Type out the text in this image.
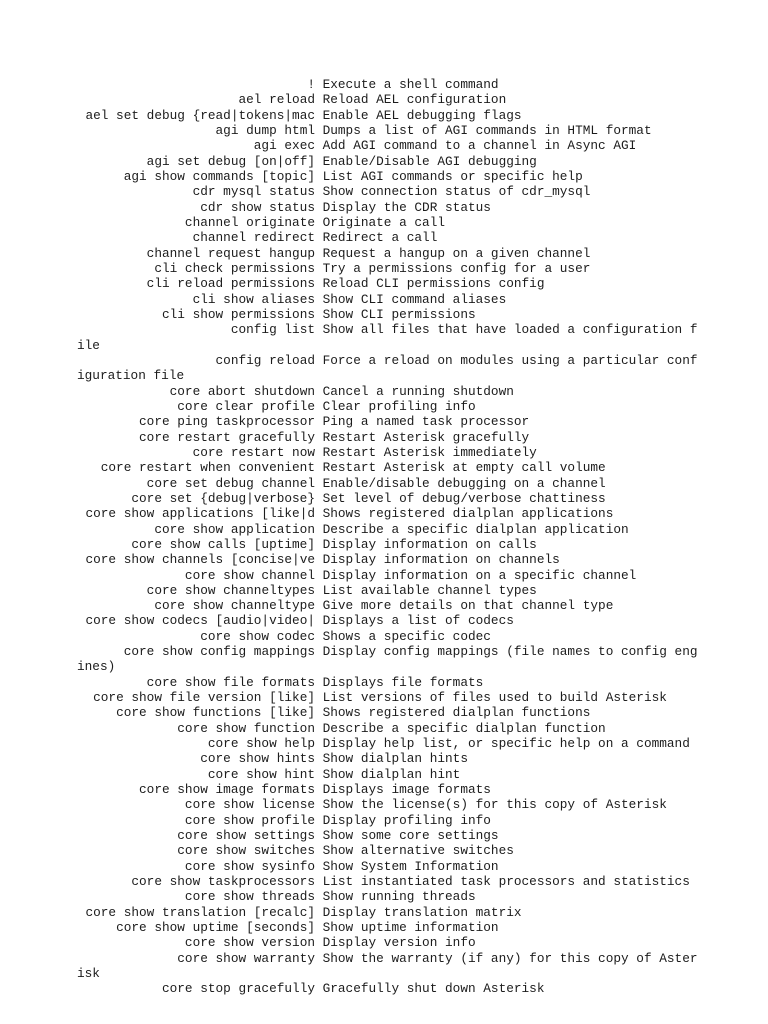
! Execute a shell command
ael reload Reload AEL configuration
ael set debug {read|tokens|mac Enable AEL debugging flags
agi dump html Dumps a list of AGI commands in HTML format
agi exec Add AGI command to a channel in Async AGI
agi set debug [on|off] Enable/Disable AGI debugging
agi show commands [topic] List AGI commands or specific help
cdr mysql status Show connection status of cdr_mysql
cdr show status Display the CDR status
channel originate Originate a call
channel redirect Redirect a call
channel request hangup Request a hangup on a given channel
cli check permissions Try a permissions config for a user
cli reload permissions Reload CLI permissions config
cli show aliases Show CLI command aliases
cli show permissions Show CLI permissions
config list Show all files that have loaded a configuration f
ile
config reload Force a reload on modules using a particular conf
iguration file
core abort shutdown Cancel a running shutdown
core clear profile Clear profiling info
core ping taskprocessor Ping a named task processor
core restart gracefully Restart Asterisk gracefully
core restart now Restart Asterisk immediately
core restart when convenient Restart Asterisk at empty call volume
core set debug channel Enable/disable debugging on a channel
core set {debug|verbose} Set level of debug/verbose chattiness
core show applications [like|d Shows registered dialplan applications
core show application Describe a specific dialplan application
core show calls [uptime] Display information on calls
core show channels [concise|ve Display information on channels
core show channel Display information on a specific channel
core show channeltypes List available channel types
core show channeltype Give more details on that channel type
core show codecs [audio|video| Displays a list of codecs
core show codec Shows a specific codec
core show config mappings Display config mappings (file names to config eng
ines)
core show file formats Displays file formats
core show file version [like] List versions of files used to build Asterisk
core show functions [like] Shows registered dialplan functions
core show function Describe a specific dialplan function
core show help Display help list, or specific help on a command
core show hints Show dialplan hints
core show hint Show dialplan hint
core show image formats Displays image formats
core show license Show the license(s) for this copy of Asterisk
core show profile Display profiling info
core show settings Show some core settings
core show switches Show alternative switches
core show sysinfo Show System Information
core show taskprocessors List instantiated task processors and statistics
core show threads Show running threads
core show translation [recalc] Display translation matrix
core show uptime [seconds] Show uptime information
core show version Display version info
core show warranty Show the warranty (if any) for this copy of Aster
isk
core stop gracefully Gracefully shut down Asterisk
